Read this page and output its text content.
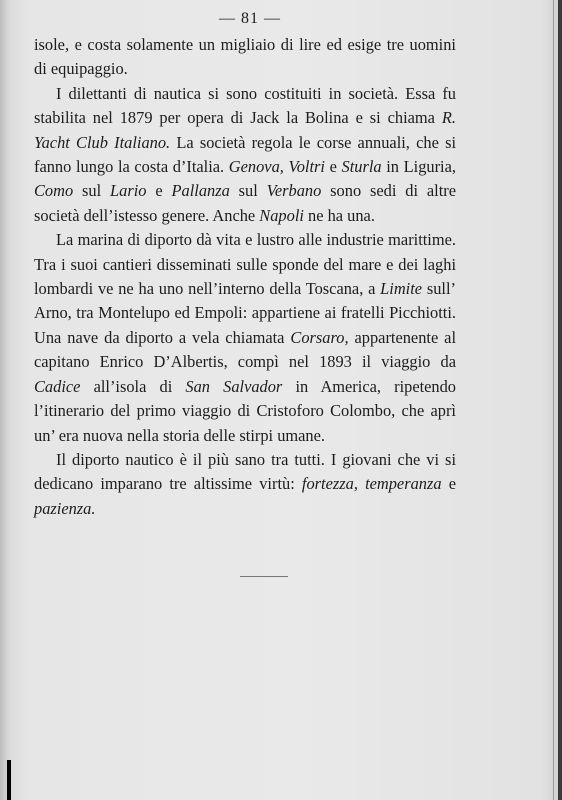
— 81 —

isole, e costa solamente un migliaio di lire ed esige tre uomini di equipaggio.

I dilettanti di nautica si sono costituiti in società. Essa fu stabilita nel 1879 per opera di Jack la Bolina e si chiama R. Yacht Club Italiano. La società regola le corse annuali, che si fanno lungo la costa d’Italia. Genova, Voltri e Sturla in Liguria, Como sul Lario e Pallanza sul Verbano sono sedi di altre società dell’istesso genere. Anche Napoli ne ha una.

La marina di diporto dà vita e lustro alle industrie marittime. Tra i suoi cantieri disseminati sulle sponde del mare e dei laghi lombardi ve ne ha uno nell’interno della Toscana, a Limite sull’ Arno, tra Montelupo ed Empoli: appartiene ai fratelli Picchiotti. Una nave da diporto a vela chiamata Corsaro, appartenente al capitano Enrico D’Albertis, compì nel 1893 il viaggio da Cadice all’isola di San Salvador in America, ripetendo l’itinerario del primo viaggio di Cristoforo Colombo, che aprì un’ era nuova nella storia delle stirpi umane.

Il diporto nautico è il più sano tra tutti. I giovani che vi si dedicano imparano tre altissime virtù: fortezza, temperanza e pazienza.
